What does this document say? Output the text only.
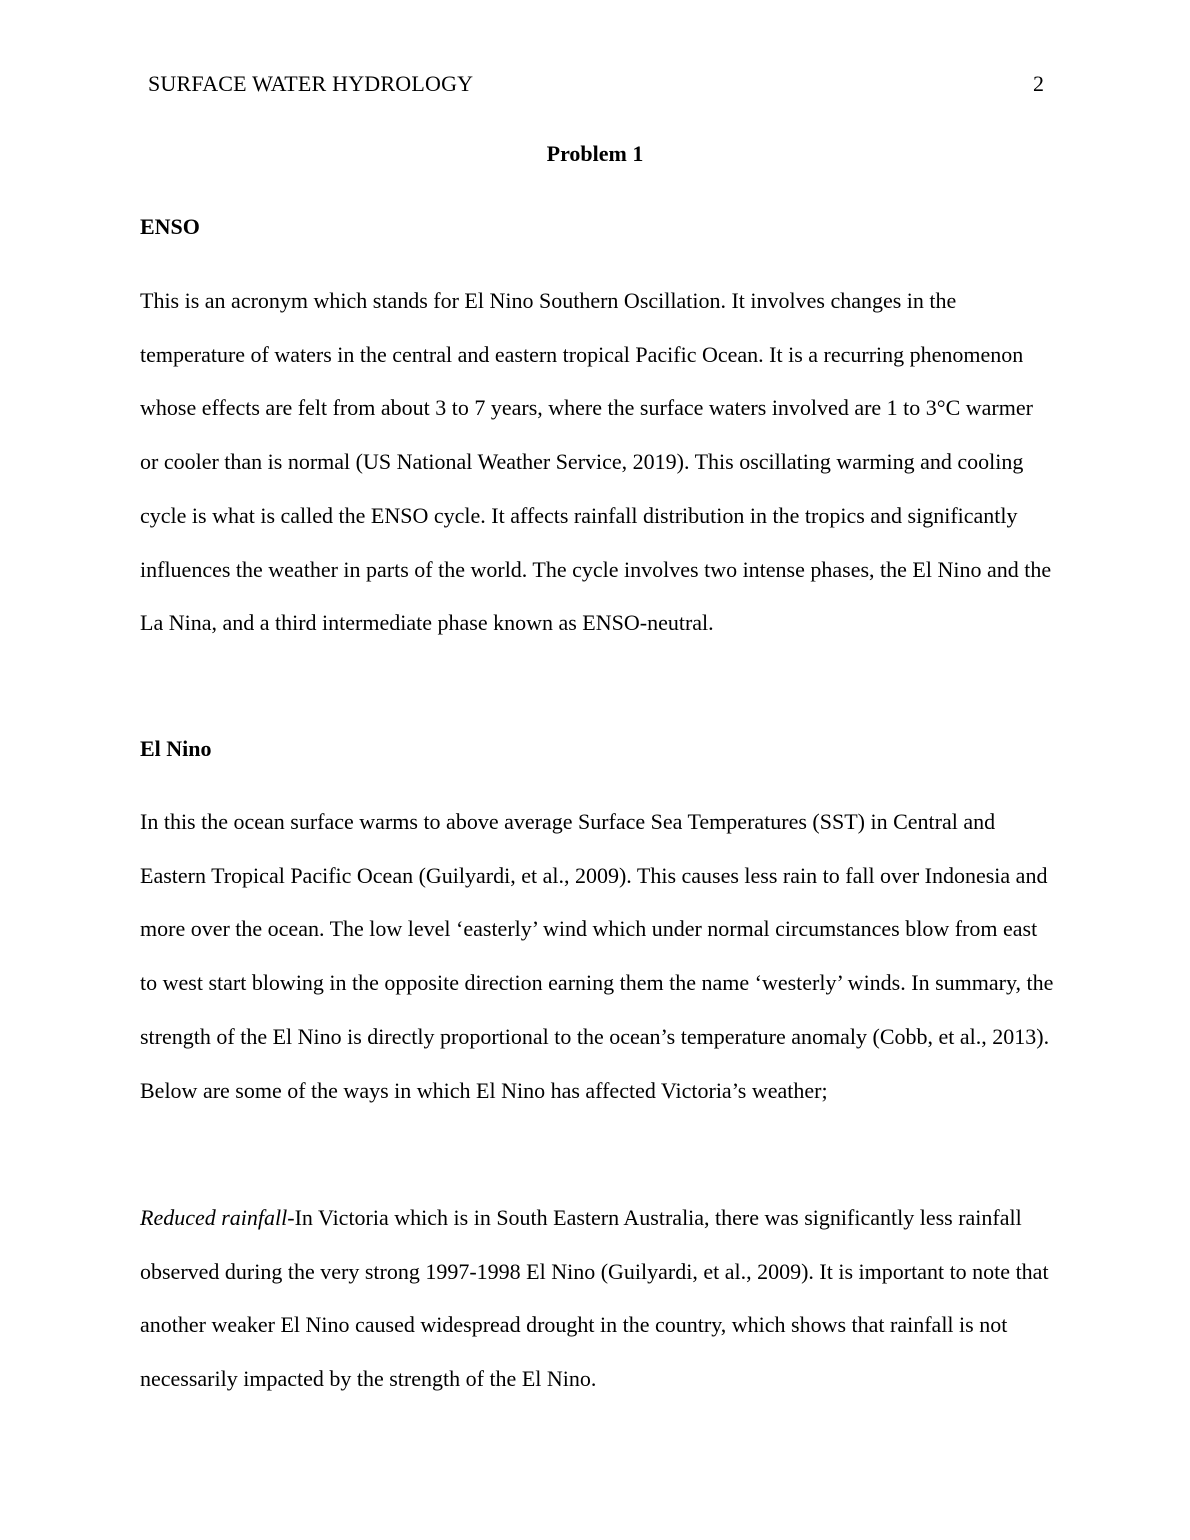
SURFACE WATER HYDROLOGY	2
Problem 1
ENSO

This is an acronym which stands for El Nino Southern Oscillation. It involves changes in the temperature of waters in the central and eastern tropical Pacific Ocean. It is a recurring phenomenon whose effects are felt from about 3 to 7 years, where the surface waters involved are 1 to 3°C warmer or cooler than is normal (US National Weather Service, 2019). This oscillating warming and cooling cycle is what is called the ENSO cycle. It affects rainfall distribution in the tropics and significantly influences the weather in parts of the world. The cycle involves two intense phases, the El Nino and the La Nina, and a third intermediate phase known as ENSO-neutral.

El Nino

In this the ocean surface warms to above average Surface Sea Temperatures (SST) in Central and Eastern Tropical Pacific Ocean (Guilyardi, et al., 2009). This causes less rain to fall over Indonesia and more over the ocean. The low level ‘easterly’ wind which under normal circumstances blow from east to west start blowing in the opposite direction earning them the name ‘westerly’ winds. In summary, the strength of the El Nino is directly proportional to the ocean’s temperature anomaly (Cobb, et al., 2013). Below are some of the ways in which El Nino has affected Victoria’s weather;

Reduced rainfall-In Victoria which is in South Eastern Australia, there was significantly less rainfall observed during the very strong 1997-1998 El Nino (Guilyardi, et al., 2009). It is important to note that another weaker El Nino caused widespread drought in the country, which shows that rainfall is not necessarily impacted by the strength of the El Nino.
